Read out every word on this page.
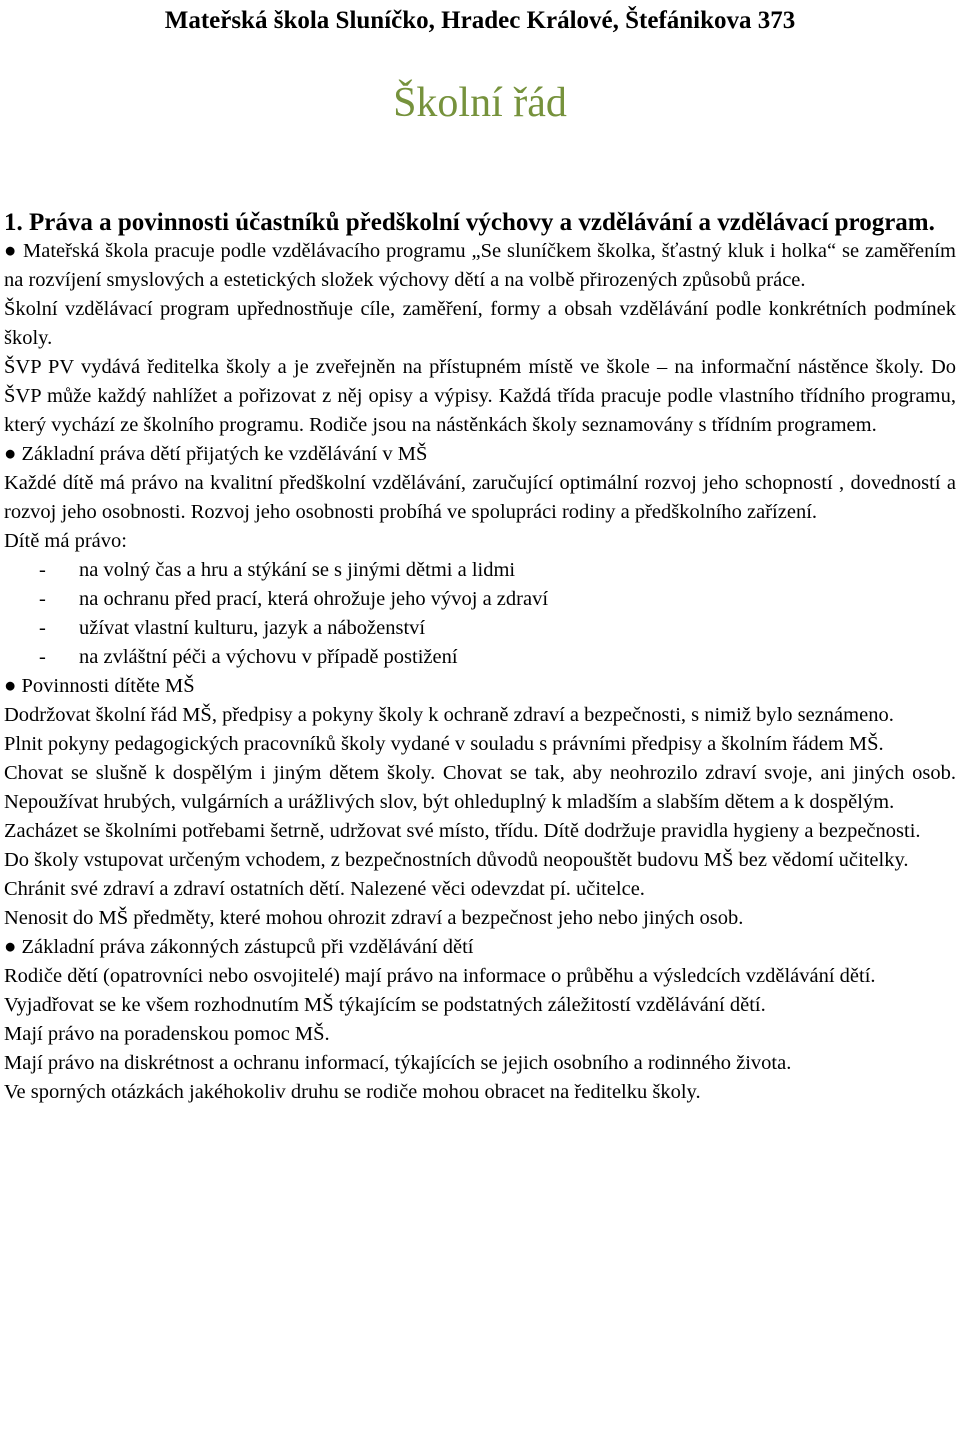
Mateřská škola Sluníčko, Hradec Králové, Štefánikova 373
Školní řád
1. Práva a povinnosti účastníků předškolní výchovy a vzdělávání a vzdělávací program.

● Mateřská škola pracuje podle vzdělávacího programu „Se sluníčkem školka, šťastný kluk i holka“ se zaměřením na rozvíjení smyslových a estetických složek výchovy dětí a na volbě přirozených způsobů práce.

Školní vzdělávací program upřednostňuje cíle, zaměření, formy a obsah vzdělávání podle konkrétních podmínek školy.

ŠVP PV vydává ředitelka školy a je zveřejněn na přístupném místě ve škole – na informační nástěnce školy. Do ŠVP může každý nahlížet a pořizovat z něj opisy a výpisy. Každá třída pracuje podle vlastního třídního programu, který vychází ze školního programu. Rodiče jsou na nástěnkách školy seznamovány s třídním programem.

● Základní práva dětí přijatých ke vzdělávání v MŠ

Každé dítě má právo na kvalitní předškolní vzdělávání, zaručující optimální rozvoj jeho schopností , dovedností a rozvoj jeho osobnosti. Rozvoj jeho osobnosti probíhá ve spolupráci rodiny a předškolního zařízení.

Dítě má právo:

-	na volný čas a hru a stýkání se s jinými dětmi a lidmi
-	na ochranu před prací, která ohrožuje jeho vývoj a zdraví
-	užívat vlastní kulturu, jazyk a náboženství
-	na zvláštní péči a výchovu v případě postižení

● Povinnosti dítěte MŠ

Dodržovat školní řád MŠ, předpisy a pokyny školy k ochraně zdraví a bezpečnosti, s nimiž bylo seznámeno.

Plnit pokyny pedagogických pracovníků školy vydané v souladu s právními předpisy a školním řádem MŠ.

Chovat se slušně k dospělým i jiným dětem školy. Chovat se tak, aby neohrozilo zdraví svoje, ani jiných osob. Nepoužívat hrubých, vulgárních a urážlivých slov, být ohleduplný k mladším a slabším dětem a k dospělým.

Zacházet se školními potřebami šetrně, udržovat své místo, třídu. Dítě dodržuje pravidla hygieny a bezpečnosti.

Do školy vstupovat určeným vchodem, z bezpečnostních důvodů neopouštět budovu MŠ bez vědomí učitelky.

Chránit své zdraví a zdraví ostatních dětí. Nalezené věci odevzdat pí. učitelce.

Nenosit do MŠ předměty, které mohou ohrozit zdraví a bezpečnost jeho nebo jiných osob.

● Základní práva zákonných zástupců při vzdělávání dětí

Rodiče dětí (opatrovníci nebo osvojitelé) mají právo na informace o průběhu a výsledcích vzdělávání dětí.

Vyjadřovat se ke všem rozhodnutím MŠ týkajícím se podstatných záležitostí vzdělávání dětí.

Mají právo na poradenskou pomoc MŠ.

Mají právo na diskrétnost a ochranu informací, týkajících se jejich osobního a rodinného života.

Ve sporných otázkách jakéhokoliv druhu se rodiče mohou obracet na ředitelku školy.
